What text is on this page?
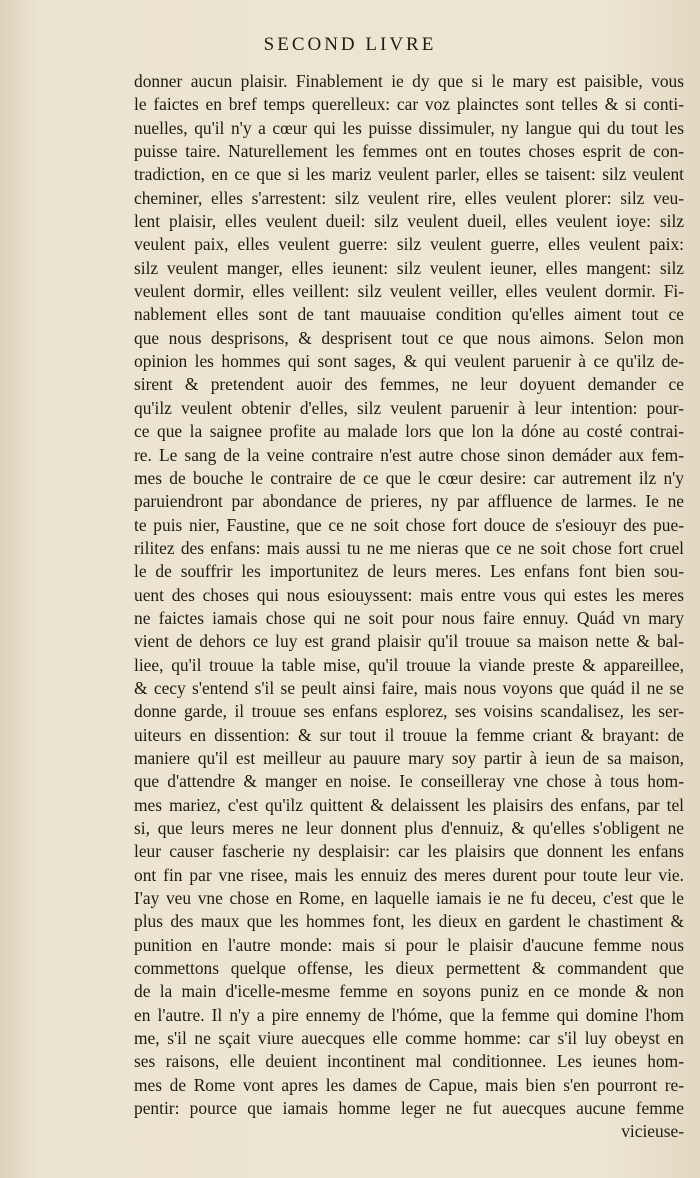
SECOND LIVRE
donner aucun plaisir. Finablement ie dy que si le mary est paisible, vous
le faictes en bref temps querelleux: car voz plainctes sont telles & si conti-
nuelles, qu'il n'y a cœur qui les puisse dissimuler, ny langue qui du tout les
puisse taire. Naturellement les femmes ont en toutes choses esprit de con-
tradiction, en ce que si les mariz veulent parler, elles se taisent: silz veulent
cheminer, elles s'arrestent: silz veulent rire, elles veulent plorer: silz veu-
lent plaisir, elles veulent dueil: silz veulent dueil, elles veulent ioye: silz
veulent paix, elles veulent guerre: silz veulent guerre, elles veulent paix:
silz veulent manger, elles ieunent: silz veulent ieuner, elles mangent: silz
veulent dormir, elles veillent: silz veulent veiller, elles veulent dormir. Fi-
nablement elles sont de tant mauuaise condition qu'elles aiment tout ce
que nous desprisons, & desprisent tout ce que nous aimons. Selon mon
opinion les hommes qui sont sages, & qui veulent paruenir à ce qu'ilz de-
sirent & pretendent auoir des femmes, ne leur doyuent demander ce
qu'ilz veulent obtenir d'elles, silz veulent paruenir à leur intention: pour-
ce que la saignee profite au malade lors que lon la dóne au costé contrai-
re. Le sang de la veine contraire n'est autre chose sinon demáder aux fem-
mes de bouche le contraire de ce que le cœur desire: car autrement ilz n'y
paruiendront par abondance de prieres, ny par affluence de larmes. Ie ne
te puis nier, Faustine, que ce ne soit chose fort douce de s'esiouyr des pue-
rilitez des enfans: mais aussi tu ne me nieras que ce ne soit chose fort cruel
le de souffrir les importunitez de leurs meres. Les enfans font bien sou-
uent des choses qui nous esiouyssent: mais entre vous qui estes les meres
ne faictes iamais chose qui ne soit pour nous faire ennuy. Quád vn mary
vient de dehors ce luy est grand plaisir qu'il trouue sa maison nette & bal-
liee, qu'il trouue la table mise, qu'il trouue la viande preste & appareillee,
& cecy s'entend s'il se peult ainsi faire, mais nous voyons que quád il ne se
donne garde, il trouue ses enfans esplorez, ses voisins scandalisez, les ser-
uiteurs en dissention: & sur tout il trouue la femme criant & brayant: de
maniere qu'il est meilleur au pauure mary soy partir à ieun de sa maison,
que d'attendre & manger en noise. Ie conseilleray vne chose à tous hom-
mes mariez, c'est qu'ilz quittent & delaissent les plaisirs des enfans, par tel
si, que leurs meres ne leur donnent plus d'ennuiz, & qu'elles s'obligent ne
leur causer fascherie ny desplaisir: car les plaisirs que donnent les enfans
ont fin par vne risee, mais les ennuiz des meres durent pour toute leur vie.
I'ay veu vne chose en Rome, en laquelle iamais ie ne fu deceu, c'est que le
plus des maux que les hommes font, les dieux en gardent le chastiment &
punition en l'autre monde: mais si pour le plaisir d'aucune femme nous
commettons quelque offense, les dieux permettent & commandent que
de la main d'icelle-mesme femme en soyons puniz en ce monde & non
en l'autre. Il n'y a pire ennemy de l'hóme, que la femme qui domine l'hom
me, s'il ne sçait viure auecques elle comme homme: car s'il luy obeyst en
ses raisons, elle deuient incontinent mal conditionnee. Les ieunes hom-
mes de Rome vont apres les dames de Capue, mais bien s'en pourront re-
pentir: pource que iamais homme leger ne fut auecques aucune femme
vicieuse-
